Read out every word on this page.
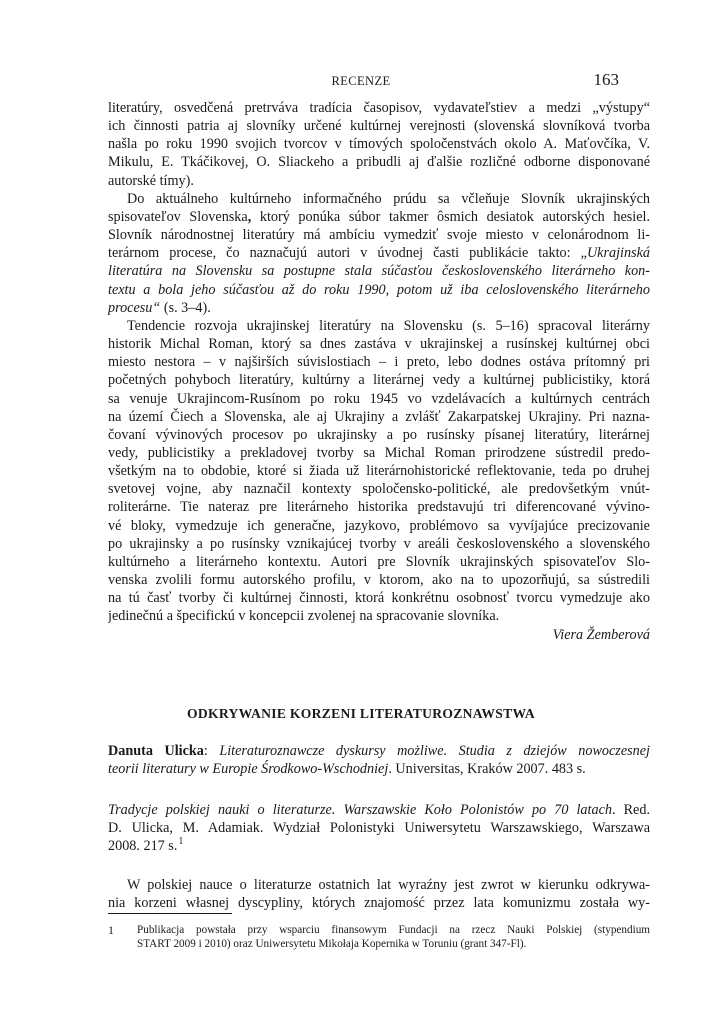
RECENZE	163
literatúry, osvedčená pretrváva tradícia časopisov, vydavateľstiev a medzi „výstupy“
ich činnosti patria aj slovníky určené kultúrnej verejnosti (slovenská slovníková tvorba
našla po roku 1990 svojich tvorcov v tímových spoločenstvách okolo A. Maťovčíka, V.
Mikulu, E. Tkáčikovej, O. Sliackeho a pribudli aj ďalšie rozličné odborne disponované
autorské tímy).
Do aktuálneho kultúrneho informačného prúdu sa včleňuje Slovník ukrajinských
spisovateľov Slovenska, ktorý ponúka súbor takmer ôsmich desiatok autorských hesiel.
Slovník národnostnej literatúry má ambíciu vymedziť svoje miesto v celonárodnom li-
terárnom procese, čo naznačujú autori v úvodnej časti publikácie takto: „Ukrajinská
literatúra na Slovensku sa postupne stala súčasťou československého literárneho kon-
textu a bola jeho súčasťou až do roku 1990, potom už iba celoslovenského literárneho
procesu“ (s. 3–4).
Tendencie rozvoja ukrajinskej literatúry na Slovensku (s. 5–16) spracoval literárny
historik Michal Roman, ktorý sa dnes zastáva v ukrajinskej a rusínskej kultúrnej obci
miesto nestora – v najširších súvislostiach – i preto, lebo dodnes ostáva prítomný pri
početných pohyboch literatúry, kultúrny a literárnej vedy a kultúrnej publicistiky, ktorá
sa venuje Ukrajincom-Rusínom po roku 1945 vo vzdelávacích a kultúrnych centrách
na území Čiech a Slovenska, ale aj Ukrajiny a zvlášť Zakarpatskej Ukrajiny. Pri nazna-
čovaní vývinových procesov po ukrajinsky a po rusínsky písanej literatúry, literárnej
vedy, publicistiky a prekladovej tvorby sa Michal Roman prirodzene sústredil predo-
všetkým na to obdobie, ktoré si žiada už literárnohistorické reflektovanie, teda po druhej
svetovej vojne, aby naznačil kontexty spoločensko-politické, ale predovšetkým vnút-
roliterárne. Tie nateraz pre literárneho historika predstavujú tri diferencované vývino-
vé bloky, vymedzuje ich generačne, jazykovo, problémovo sa vyvíjajúce precizovanie
po ukrajinsky a po rusínsky vznikajúcej tvorby v areáli československého a slovenského
kultúrneho a literárneho kontextu. Autori pre Slovník ukrajinských spisovateľov Slo-
venska zvolili formu autorského profilu, v ktorom, ako na to upozorňujú, sa sústredili
na tú časť tvorby či kultúrnej činnosti, ktorá konkrétnu osobnosť tvorcu vymedzuje ako
jedinečnú a špecifickú v koncepcii zvolenej na spracovanie slovníka.
Viera Žemberová
ODKRYWANIE KORZENI LITERATUROZNAWSTWA
Danuta Ulicka: Literaturoznawcze dyskursy możliwe. Studia z dziejów nowoczesnej
teorii literatury w Europie Środkowo-Wschodniej. Universitas, Kraków 2007. 483 s.
Tradycje polskiej nauki o literaturze. Warszawskie Koło Polonistów po 70 latach. Red.
D. Ulicka, M. Adamiak. Wydział Polonistyki Uniwersytetu Warszawskiego, Warszawa
2008. 217 s.$^1$
W polskiej nauce o literaturze ostatnich lat wyraźny jest zwrot w kierunku odkrywa-
nia korzeni własnej dyscypliny, których znajomość przez lata komunizmu została wy-
1 Publikacja powstała przy wsparciu finansowym Fundacji na rzecz Nauki Polskiej (stypendium
START 2009 i 2010) oraz Uniwersytetu Mikołaja Kopernika w Toruniu (grant 347-Fl).
